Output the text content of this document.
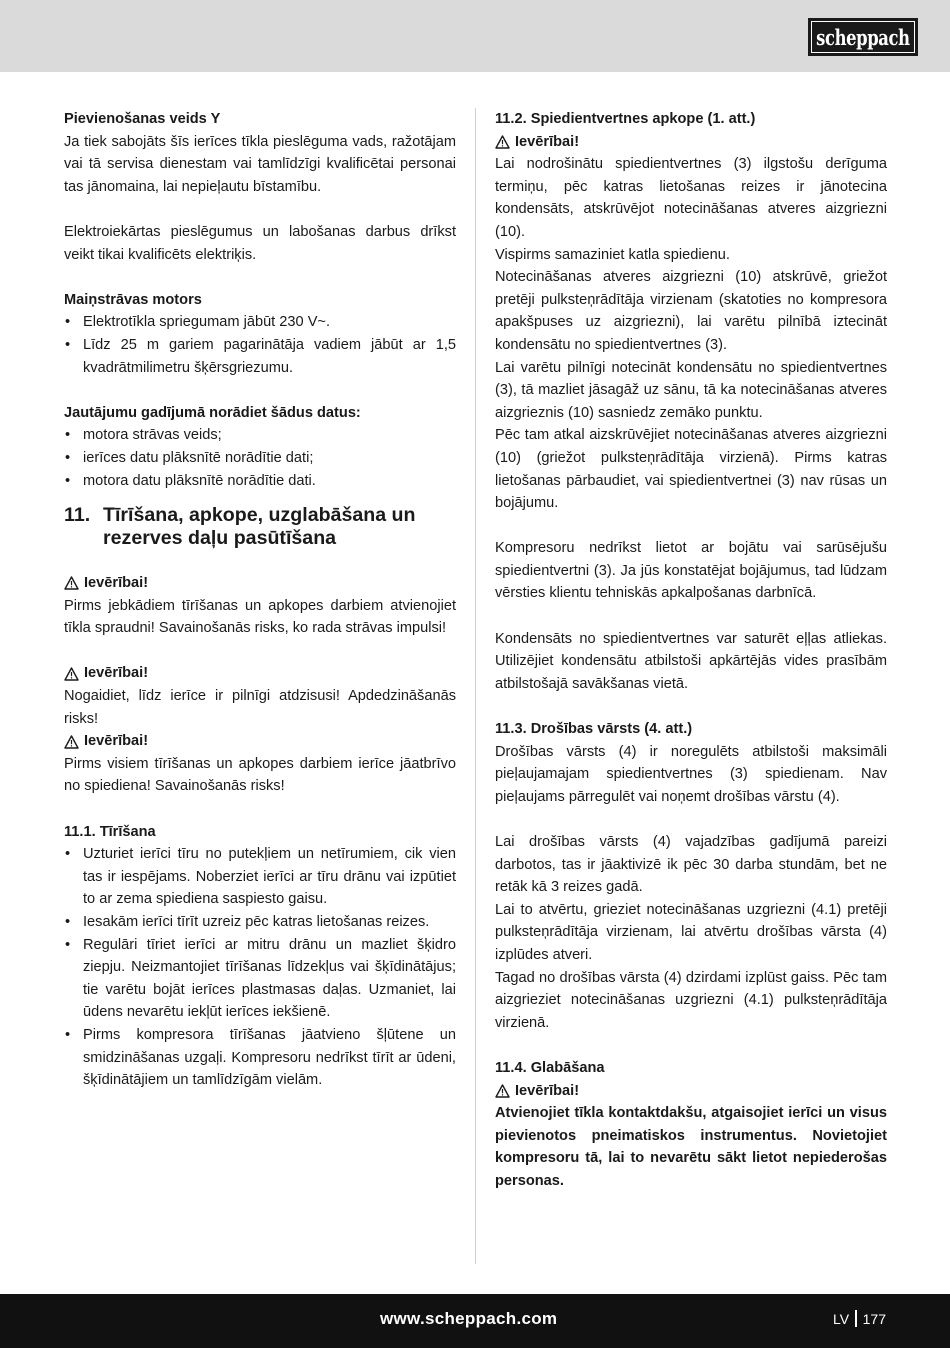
scheppach
Pievienošanas veids Y

Ja tiek sabojāts šīs ierīces tīkla pieslēguma vads, ražotājam vai tā servisa dienestam vai tamlīdzīgi kvalificētai personai tas jānomaina, lai nepieļautu bīstamību.

Elektroiekārtas pieslēgumus un labošanas darbus drīkst veikt tikai kvalificēts elektriķis.

Maiņstrāvas motors
• Elektrotīkla spriegumam jābūt 230 V~.
• Līdz 25 m gariem pagarinātāja vadiem jābūt ar 1,5 kvadrātmilimetru šķērsgriezumu.
Jautājumu gadījumā norādiet šādus datus:
• motora strāvas veids;
• ierīces datu plāksnītē norādītie dati;
• motora datu plāksnītē norādītie dati.
11. Tīrīšana, apkope, uzglabāšana un rezerves daļu pasūtīšana
Ievērībai!

Pirms jebkādiem tīrīšanas un apkopes darbiem atvienojiet tīkla spraudni! Savainošanās risks, ko rada strāvas impulsi!

Ievērībai!

Nogaidiet, līdz ierīce ir pilnīgi atdzisusi! Apdedzināšanās risks!

Ievērībai!

Pirms visiem tīrīšanas un apkopes darbiem ierīce jāatbrīvo no spiediena! Savainošanās risks!

11.1. Tīrīšana
• Uzturiet ierīci tīru no putekļiem un netīrumiem, cik vien tas ir iespējams. Noberziet ierīci ar tīru drānu vai izpūtiet to ar zema spiediena saspiesto gaisu.
• Iesakām ierīci tīrīt uzreiz pēc katras lietošanas reizes.
• Regulāri tīriet ierīci ar mitru drānu un mazliet šķidro ziepju. Neizmantojiet tīrīšanas līdzekļus vai šķīdinātājus; tie varētu bojāt ierīces plastmasas daļas. Uzmaniet, lai ūdens nevarētu iekļūt ierīces iekšienē.
• Pirms kompresora tīrīšanas jāatvieno šļūtene un smidzināšanas uzgaļi. Kompresoru nedrīkst tīrīt ar ūdeni, šķīdinātājiem un tamlīdzīgām vielām.
11.2. Spiedientvertnes apkope (1. att.)
Ievērībai!

Lai nodrošinātu spiedientvertnes (3) ilgstošu derīguma termiņu, pēc katras lietošanas reizes ir jānotecina kondensāts, atskrūvējot notecināšanas atveres aizgriezni (10).

Vispirms samaziniet katla spiedienu.

Notecināšanas atveres aizgriezni (10) atskrūvē, griežot pretēji pulksteņrādītāja virzienam (skatoties no kompresora apakšpuses uz aizgriezni), lai varētu pilnībā iztecināt kondensātu no spiedientvertnes (3).

Lai varētu pilnīgi notecināt kondensātu no spiedientvertnes (3), tā mazliet jāsagāž uz sānu, tā ka notecināšanas atveres aizgrieznis (10) sasniedz zemāko punktu.

Pēc tam atkal aizskrūvējiet notecināšanas atveres aizgriezni (10) (griežot pulksteņrādītāja virzienā). Pirms katras lietošanas pārbaudiet, vai spiedientvertnei (3) nav rūsas un bojājumu.

Kompresoru nedrīkst lietot ar bojātu vai sarūsējušu spiedientvertni (3). Ja jūs konstatējat bojājumus, tad lūdzam vērsties klientu tehniskās apkalpošanas darbnīcā.

Kondensāts no spiedientvertnes var saturēt eļļas atliekas. Utilizējiet kondensātu atbilstoši apkārtējās vides prasībām atbilstošajā savākšanas vietā.

11.3. Drošības vārsts (4. att.)

Drošības vārsts (4) ir noregulēts atbilstoši maksimāli pieļaujamajam spiedientvertnes (3) spiedienam. Nav pieļaujams pārregulēt vai noņemt drošības vārstu (4).

Lai drošības vārsts (4) vajadzības gadījumā pareizi darbotos, tas ir jāaktivizē ik pēc 30 darba stundām, bet ne retāk kā 3 reizes gadā.

Lai to atvērtu, grieziet notecināšanas uzgriezni (4.1) pretēji pulksteņrādītāja virzienam, lai atvērtu drošības vārsta (4) izplūdes atveri.

Tagad no drošības vārsta (4) dzirdami izplūst gaiss. Pēc tam aizgrieziet notecināšanas uzgriezni (4.1) pulksteņrādītāja virzienā.

11.4. Glabāšana
Ievērībai!

Atvienojiet tīkla kontaktdakšu, atgaisojiet ierīci un visus pievienotos pneimatiskos instrumentus. Novietojiet kompresoru tā, lai to nevarētu sākt lietot nepiederošas personas.

www.scheppach.com	LV 177
